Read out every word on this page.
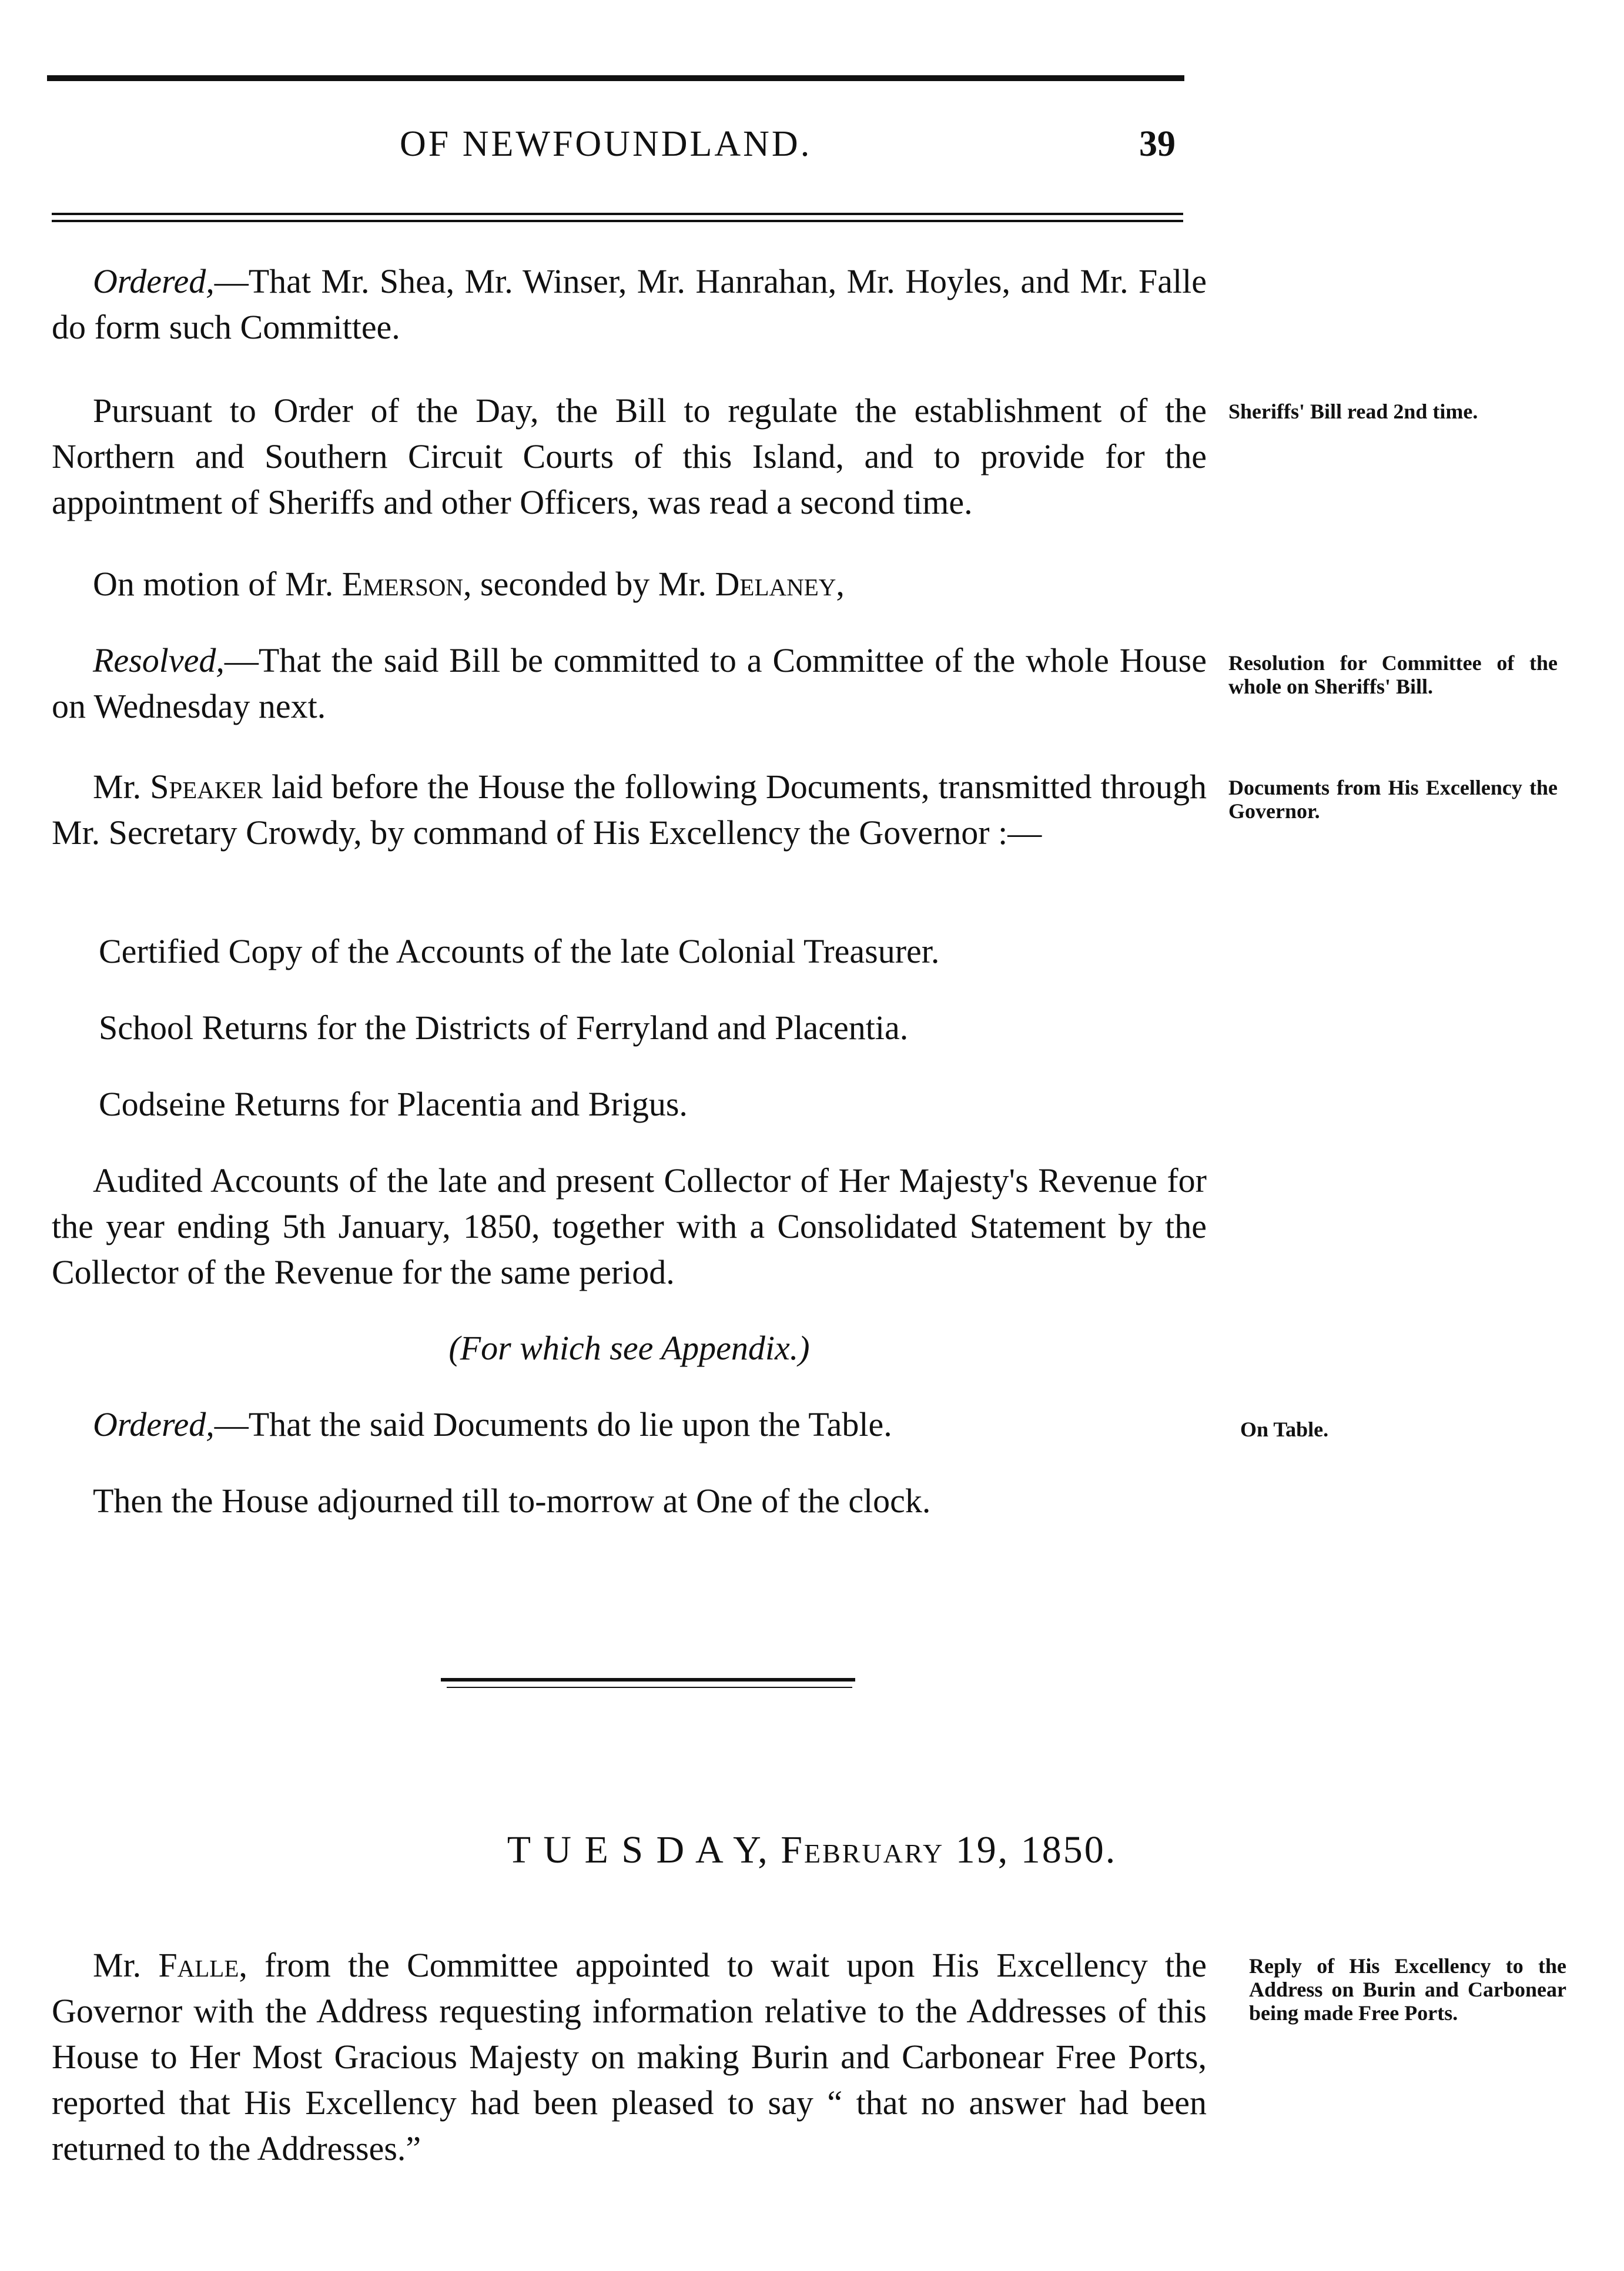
OF NEWFOUNDLAND.	39

Ordered,—That Mr. Shea, Mr. Winser, Mr. Hanrahan, Mr. Hoyles, and Mr. Falle do form such Committee.

Pursuant to Order of the Day, the Bill to regulate the establishment of the Northern and Southern Circuit Courts of this Island, and to provide for the appointment of Sheriffs and other Officers, was read a second time.

On motion of Mr. Emerson, seconded by Mr. Delaney,

Resolved,—That the said Bill be committed to a Committee of the whole House on Wednesday next.

Mr. Speaker laid before the House the following Documents, transmitted through Mr. Secretary Crowdy, by command of His Excellency the Governor :—

Certified Copy of the Accounts of the late Colonial Treasurer.

School Returns for the Districts of Ferryland and Placentia.

Codseine Returns for Placentia and Brigus.

Audited Accounts of the late and present Collector of Her Majesty's Revenue for the year ending 5th January, 1850, together with a Consolidated Statement by the Collector of the Revenue for the same period.

(For which see Appendix.)

Ordered,—That the said Documents do lie upon the Table.

Then the House adjourned till to-morrow at One of the clock.

T U E S D A Y, February 19, 1850.

Mr. Falle, from the Committee appointed to wait upon His Excellency the Governor with the Address requesting information relative to the Addresses of this House to Her Most Gracious Majesty on making Burin and Carbonear Free Ports, reported that His Excellency had been pleased to say “ that no answer had been returned to the Addresses.”

Sheriffs' Bill read 2nd time.
Resolution for Committee of the whole on Sheriffs' Bill.
Documents from His Excellency the Governor.
On Table.
Reply of His Excellency to the Address on Burin and Carbonear being made Free Ports.
